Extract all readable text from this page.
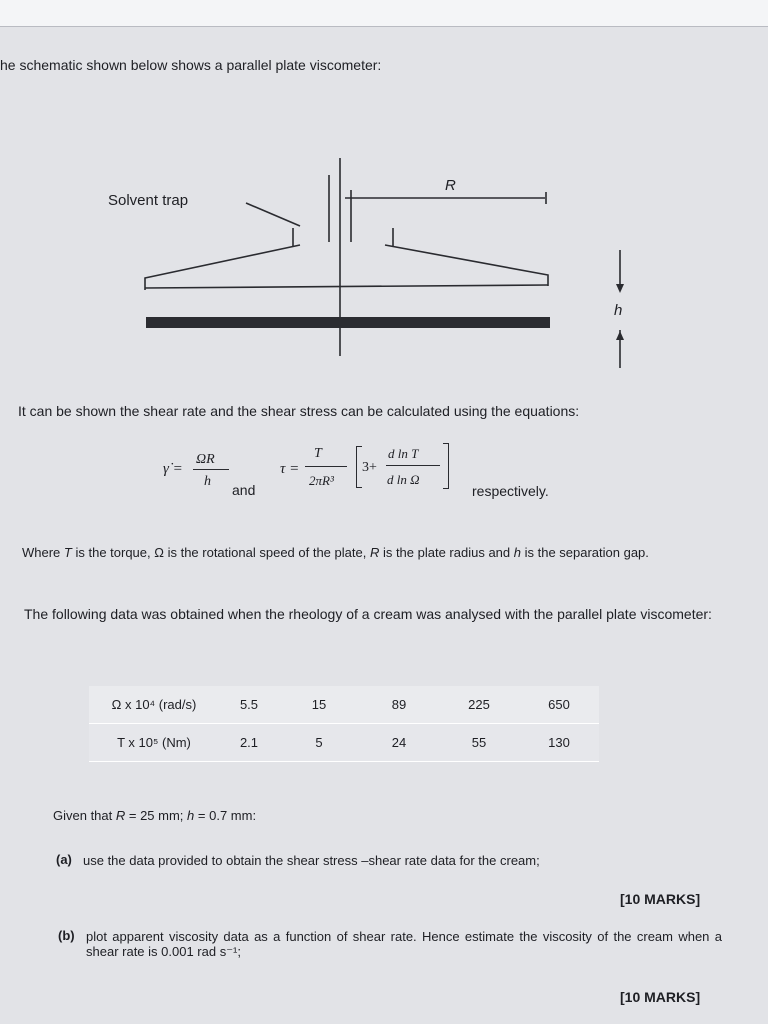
he schematic shown below shows a parallel plate viscometer:
Solvent trap
R
h
It can be shown the shear rate and the shear stress can be calculated using the equations:
γ̇ =
ΩR
h
and
τ =
T
2πR³
3+
d ln T
d ln Ω
respectively.
Where T is the torque, Ω is the rotational speed of the plate, R is the plate radius and h is the separation gap.
The following data was obtained when the rheology of a cream was analysed with the parallel plate viscometer:
Ω x 10⁴ (rad/s)	5.5	15	89	225	650
T x 10⁵ (Nm)	2.1	5	24	55	130
Given that R = 25 mm; h = 0.7 mm:
(a) use the data provided to obtain the shear stress –shear rate data for the cream;
[10 MARKS]
(b) plot apparent viscosity data as a function of shear rate. Hence estimate the viscosity of the cream when a shear rate is 0.001 rad s⁻¹;
[10 MARKS]
